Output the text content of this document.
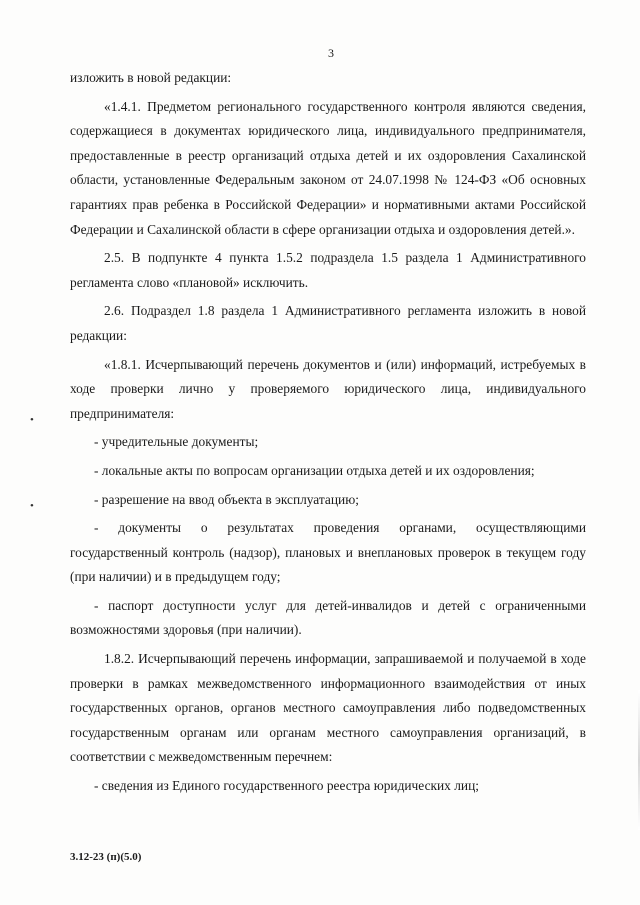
3

изложить в новой редакции:

«1.4.1. Предметом регионального государственного контроля являются сведения, содержащиеся в документах юридического лица, индивидуального предпринимателя, предоставленные в реестр организаций отдыха детей и их оздоровления Сахалинской области, установленные Федеральным законом от 24.07.1998 № 124-ФЗ «Об основных гарантиях прав ребенка в Российской Федерации» и нормативными актами Российской Федерации и Сахалинской области в сфере организации отдыха и оздоровления детей.».

2.5. В подпункте 4 пункта 1.5.2 подраздела 1.5 раздела 1 Административного регламента слово «плановой» исключить.

2.6. Подраздел 1.8 раздела 1 Административного регламента изложить в новой редакции:

«1.8.1. Исчерпывающий перечень документов и (или) информаций, истребуемых в ходе проверки лично у проверяемого юридического лица, индивидуального предпринимателя:

- учредительные документы;

- локальные акты по вопросам организации отдыха детей и их оздоровления;

- разрешение на ввод объекта в эксплуатацию;

- документы о результатах проведения органами, осуществляющими государственный контроль (надзор), плановых и внеплановых проверок в текущем году (при наличии) и в предыдущем году;

- паспорт доступности услуг для детей-инвалидов и детей с ограниченными возможностями здоровья (при наличии).

1.8.2. Исчерпывающий перечень информации, запрашиваемой и получаемой в ходе проверки в рамках межведомственного информационного взаимодействия от иных государственных органов, органов местного самоуправления либо подведомственных государственным органам или органам местного самоуправления организаций, в соответствии с межведомственным перечнем:

- сведения из Единого государственного реестра юридических лиц;

3.12-23 (п)(5.0)
•
•
